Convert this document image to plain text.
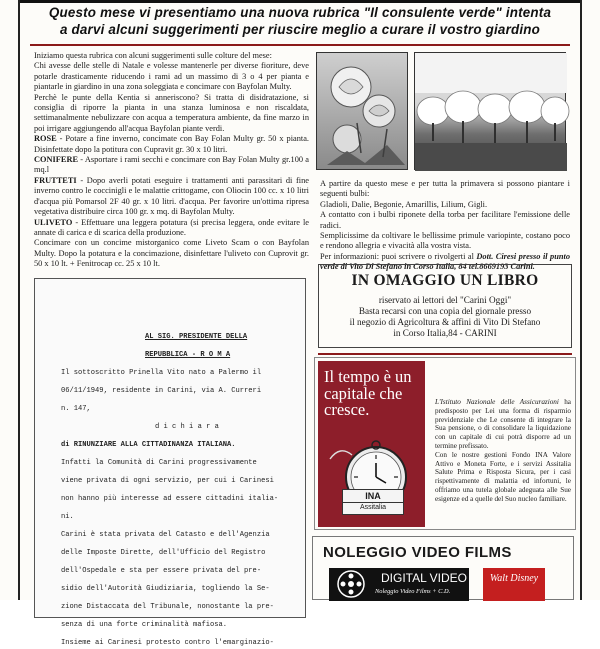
Questo mese vi presentiamo una nuova rubrica "Il consulente verde" intenta
a darvi alcuni suggerimenti per riuscire meglio a curare il vostro giardino

Iniziamo questa rubrica con alcuni suggerimenti sulle colture del mese:

Chi avesse delle stelle di Natale e volesse mantenerle per diverse fioriture, deve potarle drasticamente riducendo i rami ad un massimo di 3 o 4 per pianta e piantarle in giardino in una zona soleggiata e concimare con Bayfolan Multy.

Perchè le punte della Kentia si anneriscono? Si tratta di disidratazione, si consiglia di riporre la pianta in una stanza luminosa e non riscaldata, settimanalmente nebulizzare con acqua a temperatura ambiente, da fine marzo in poi irrigare aggiungendo all'acqua Bayfolan piante verdi.

ROSE - Potare a fine inverno, concimate con Bay Folan Multy gr. 50 x pianta. Disinfettate dopo la potitura con Cupravit gr. 30 x 10 litri.

CONIFERE - Asportare i rami secchi e concimare con Bay Folan Multy gr.100 a mq.l

FRUTTETI - Dopo averli potati eseguire i trattamenti anti parassitari di fine inverno contro le coccinigli e le malattie crittogame, con Oliocin 100 cc. x 10 litri d'acqua più Pomarsol 2F 40 gr. x 10 litri. d'acqua. Per favorire un'ottima ripresa vegetativa distribuire circa 100 gr. x mq. di Bayfolan Multy.

ULIVETO - Effettuare una leggera potatura (si precisa leggera, onde evitare le annate di carica e di scarica della produzione.

Concimare con un concime mistorganico come Liveto Scam o con Bayfolan Multy. Dopo la potatura e la concimazione, disinfettare l'uliveto con Cuprovit gr. 50 x 10 lt. + Fenitrocap cc. 25 x 10 lt.

A partire da questo mese e per tutta la primavera si possono piantare i seguenti bulbi:
Gladioli, Dalie, Begonie, Amarillis, Lilium, Gigli.
A contatto con i bulbi riponete della torba per facilitare l'emissione delle radici.
Semplicissime da coltivare le bellissime primule variopinte, costano poco e rendono allegria e vivacità alla vostra vista.
Per informazioni: puoi scrivere o rivolgerti al Dott. Ciresi presso il punto verde di Vito Di Stefano in Corso Italia, 84 tel.8669193 Carini.
IN OMAGGIO UN LIBRO
riservato ai lettori del "Carini Oggi"
Basta recarsi con una copia del giornale presso
il negozio di Agricoltura & affini di Vito Di Stefano
in Corso Italia,84 - CARINI
AL SIG. PRESIDENTE DELLA
REPUBBLICA - R O M A
Il sottoscritto Prinella Vito nato a Palermo il
06/11/1949, residente in Carini, via A. Curreri
n. 147,
d i c h i a r a
di RINUNZIARE ALLA CITTADINANZA ITALIANA.
Infatti la Comunità di Carini progressivamente
viene privata di ogni servizio, per cui i Carinesi
non hanno più interesse ad essere cittadini italia-
ni.
Carini è stata privata del Catasto e dell'Agenzia
delle Imposte Dirette, dell'Ufficio del Registro
dell'Ospedale e sta per essere privata del pre-
sidio dell'Autorità Giudiziaria, togliendo la Se-
zione Distaccata del Tribunale, nonostante la pre-
senza di una forte criminalità mafiosa.
Insieme ai Carinesi protesto contro l'emarginazio-
Il tempo è un capitale che cresce.
INA
Assitalia
L'Istituto Nazionale delle Assicurazioni ha predisposto per Lei una forma di risparmio previdenziale che Le consente di integrare la Sua pensione, o di consolidare la liquidazione con un capitale di cui potrà disporre ad un termine prefissato.
Con le nostre gestioni Fondo INA Valore Attivo e Moneta Forte, e i servizi Assitalia Salute Prima e Risposta Sicura, per i casi rispettivamente di malattia ed infortuni, le offriamo una tutela globale adeguata alle Sue esigenze ed a quelle del Suo nucleo familiare.
NOLEGGIO VIDEO FILMS
DIGITAL VIDEO
Noleggio Video Films + C.D.
Walt Disney
